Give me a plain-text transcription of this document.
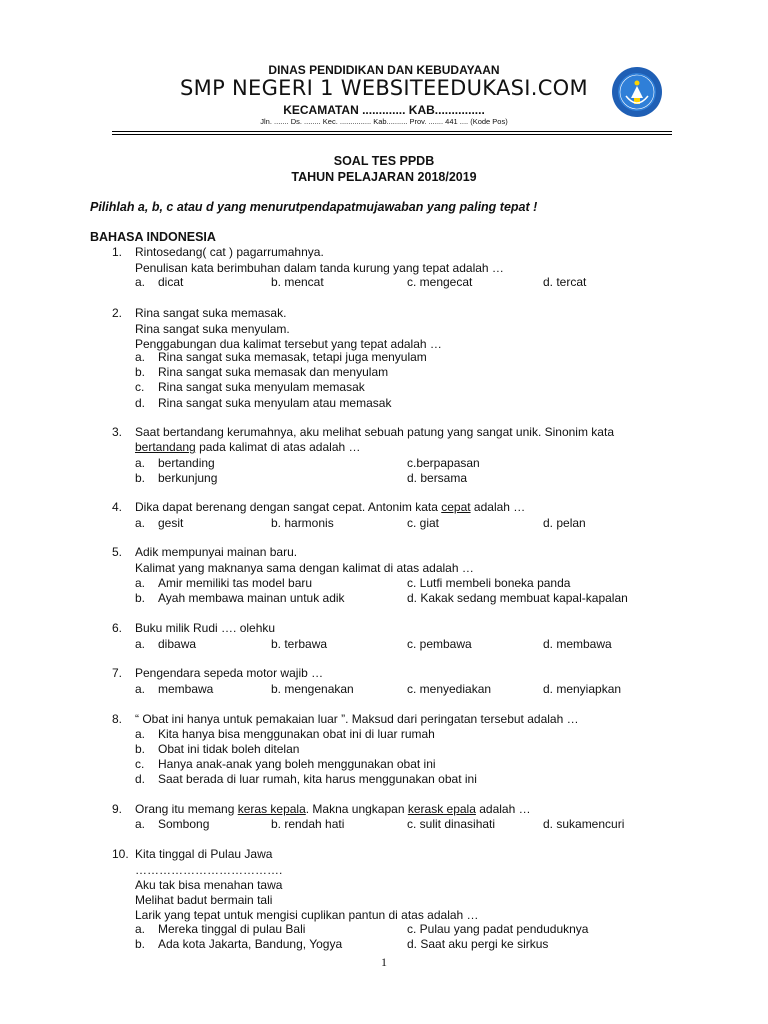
DINAS PENDIDIKAN DAN KEBUDAYAAN
SMP NEGERI 1 WEBSITEEDUKASI.COM
KECAMATAN ............. KAB...............
Jln. ....... Ds. ........ Kec. ............... Kab.......... Prov. ....... 441 .... (Kode Pos)
SOAL TES PPDB
TAHUN PELAJARAN 2018/2019
Pilihlah a, b, c atau d yang menurutpendapatmujawaban yang paling tepat !
BAHASA INDONESIA
1. Rintosedang( cat ) pagarrumahnya.
Penulisan kata berimbuhan dalam tanda kurung yang tepat adalah …
a. dicat	b. mencat	c. mengecat	d. tercat
2. Rina sangat suka memasak.
Rina sangat suka menyulam.
Penggabungan dua kalimat tersebut yang tepat adalah …
a. Rina sangat suka memasak, tetapi juga menyulam
b. Rina sangat suka memasak dan menyulam
c. Rina sangat suka menyulam memasak
d. Rina sangat suka menyulam atau memasak
3. Saat bertandang kerumahnya, aku melihat sebuah patung yang sangat unik. Sinonim kata
bertandang pada kalimat di atas adalah …
a. bertanding	c.berpapasan
b. berkunjung	d. bersama
4. Dika dapat berenang dengan sangat cepat. Antonim kata cepat adalah …
a. gesit	b. harmonis	c. giat	d. pelan
5. Adik mempunyai mainan baru.
Kalimat yang maknanya sama dengan kalimat di atas adalah …
a. Amir memiliki tas model baru	c. Lutfi membeli boneka panda
b. Ayah membawa mainan untuk adik	d. Kakak sedang membuat kapal-kapalan
6. Buku milik Rudi …. olehku
a. dibawa	b. terbawa	c. pembawa	d. membawa
7. Pengendara sepeda motor wajib …
a. membawa	b. mengenakan	c. menyediakan	d. menyiapkan
8. “ Obat ini hanya untuk pemakaian luar ”. Maksud dari peringatan tersebut adalah …
a. Kita hanya bisa menggunakan obat ini di luar rumah
b. Obat ini tidak boleh ditelan
c. Hanya anak-anak yang boleh menggunakan obat ini
d. Saat berada di luar rumah, kita harus menggunakan obat ini
9. Orang itu memang keras kepala. Makna ungkapan kerask epala adalah …
a. Sombong	b. rendah hati	c. sulit dinasihati	d. sukamencuri
10. Kita tinggal di Pulau Jawa
……………………………….
Aku tak bisa menahan tawa
Melihat badut bermain tali
Larik yang tepat untuk mengisi cuplikan pantun di atas adalah …
a. Mereka tinggal di pulau Bali	c. Pulau yang padat penduduknya
b. Ada kota Jakarta, Bandung, Yogya	d. Saat aku pergi ke sirkus
1
